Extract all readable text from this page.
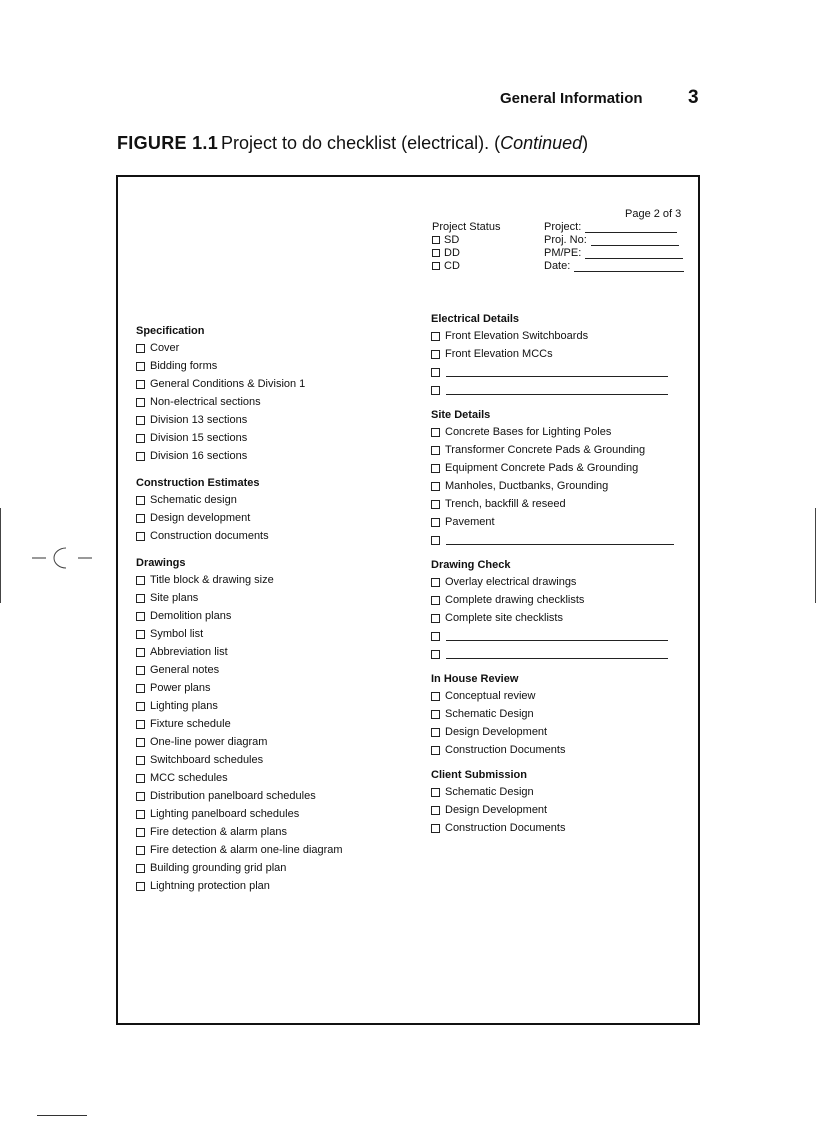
General Information 3
FIGURE 1.1 Project to do checklist (electrical). (Continued)
Page 2 of 3
Project Status
SD
DD
CD
Project:
Proj. No:
PM/PE:
Date:
Specification
Cover
Bidding forms
General Conditions & Division 1
Non-electrical sections
Division 13 sections
Division 15 sections
Division 16 sections
Construction Estimates
Schematic design
Design development
Construction documents
Drawings
Title block & drawing size
Site plans
Demolition plans
Symbol list
Abbreviation list
General notes
Power plans
Lighting plans
Fixture schedule
One-line power diagram
Switchboard schedules
MCC schedules
Distribution panelboard schedules
Lighting panelboard schedules
Fire detection & alarm plans
Fire detection & alarm one-line diagram
Building grounding grid plan
Lightning protection plan
Electrical Details
Front Elevation Switchboards
Front Elevation MCCs
Site Details
Concrete Bases for Lighting Poles
Transformer Concrete Pads & Grounding
Equipment Concrete Pads & Grounding
Manholes, Ductbanks, Grounding
Trench, backfill & reseed
Pavement
Drawing Check
Overlay electrical drawings
Complete drawing checklists
Complete site checklists
In House Review
Conceptual review
Schematic Design
Design Development
Construction Documents
Client Submission
Schematic Design
Design Development
Construction Documents
